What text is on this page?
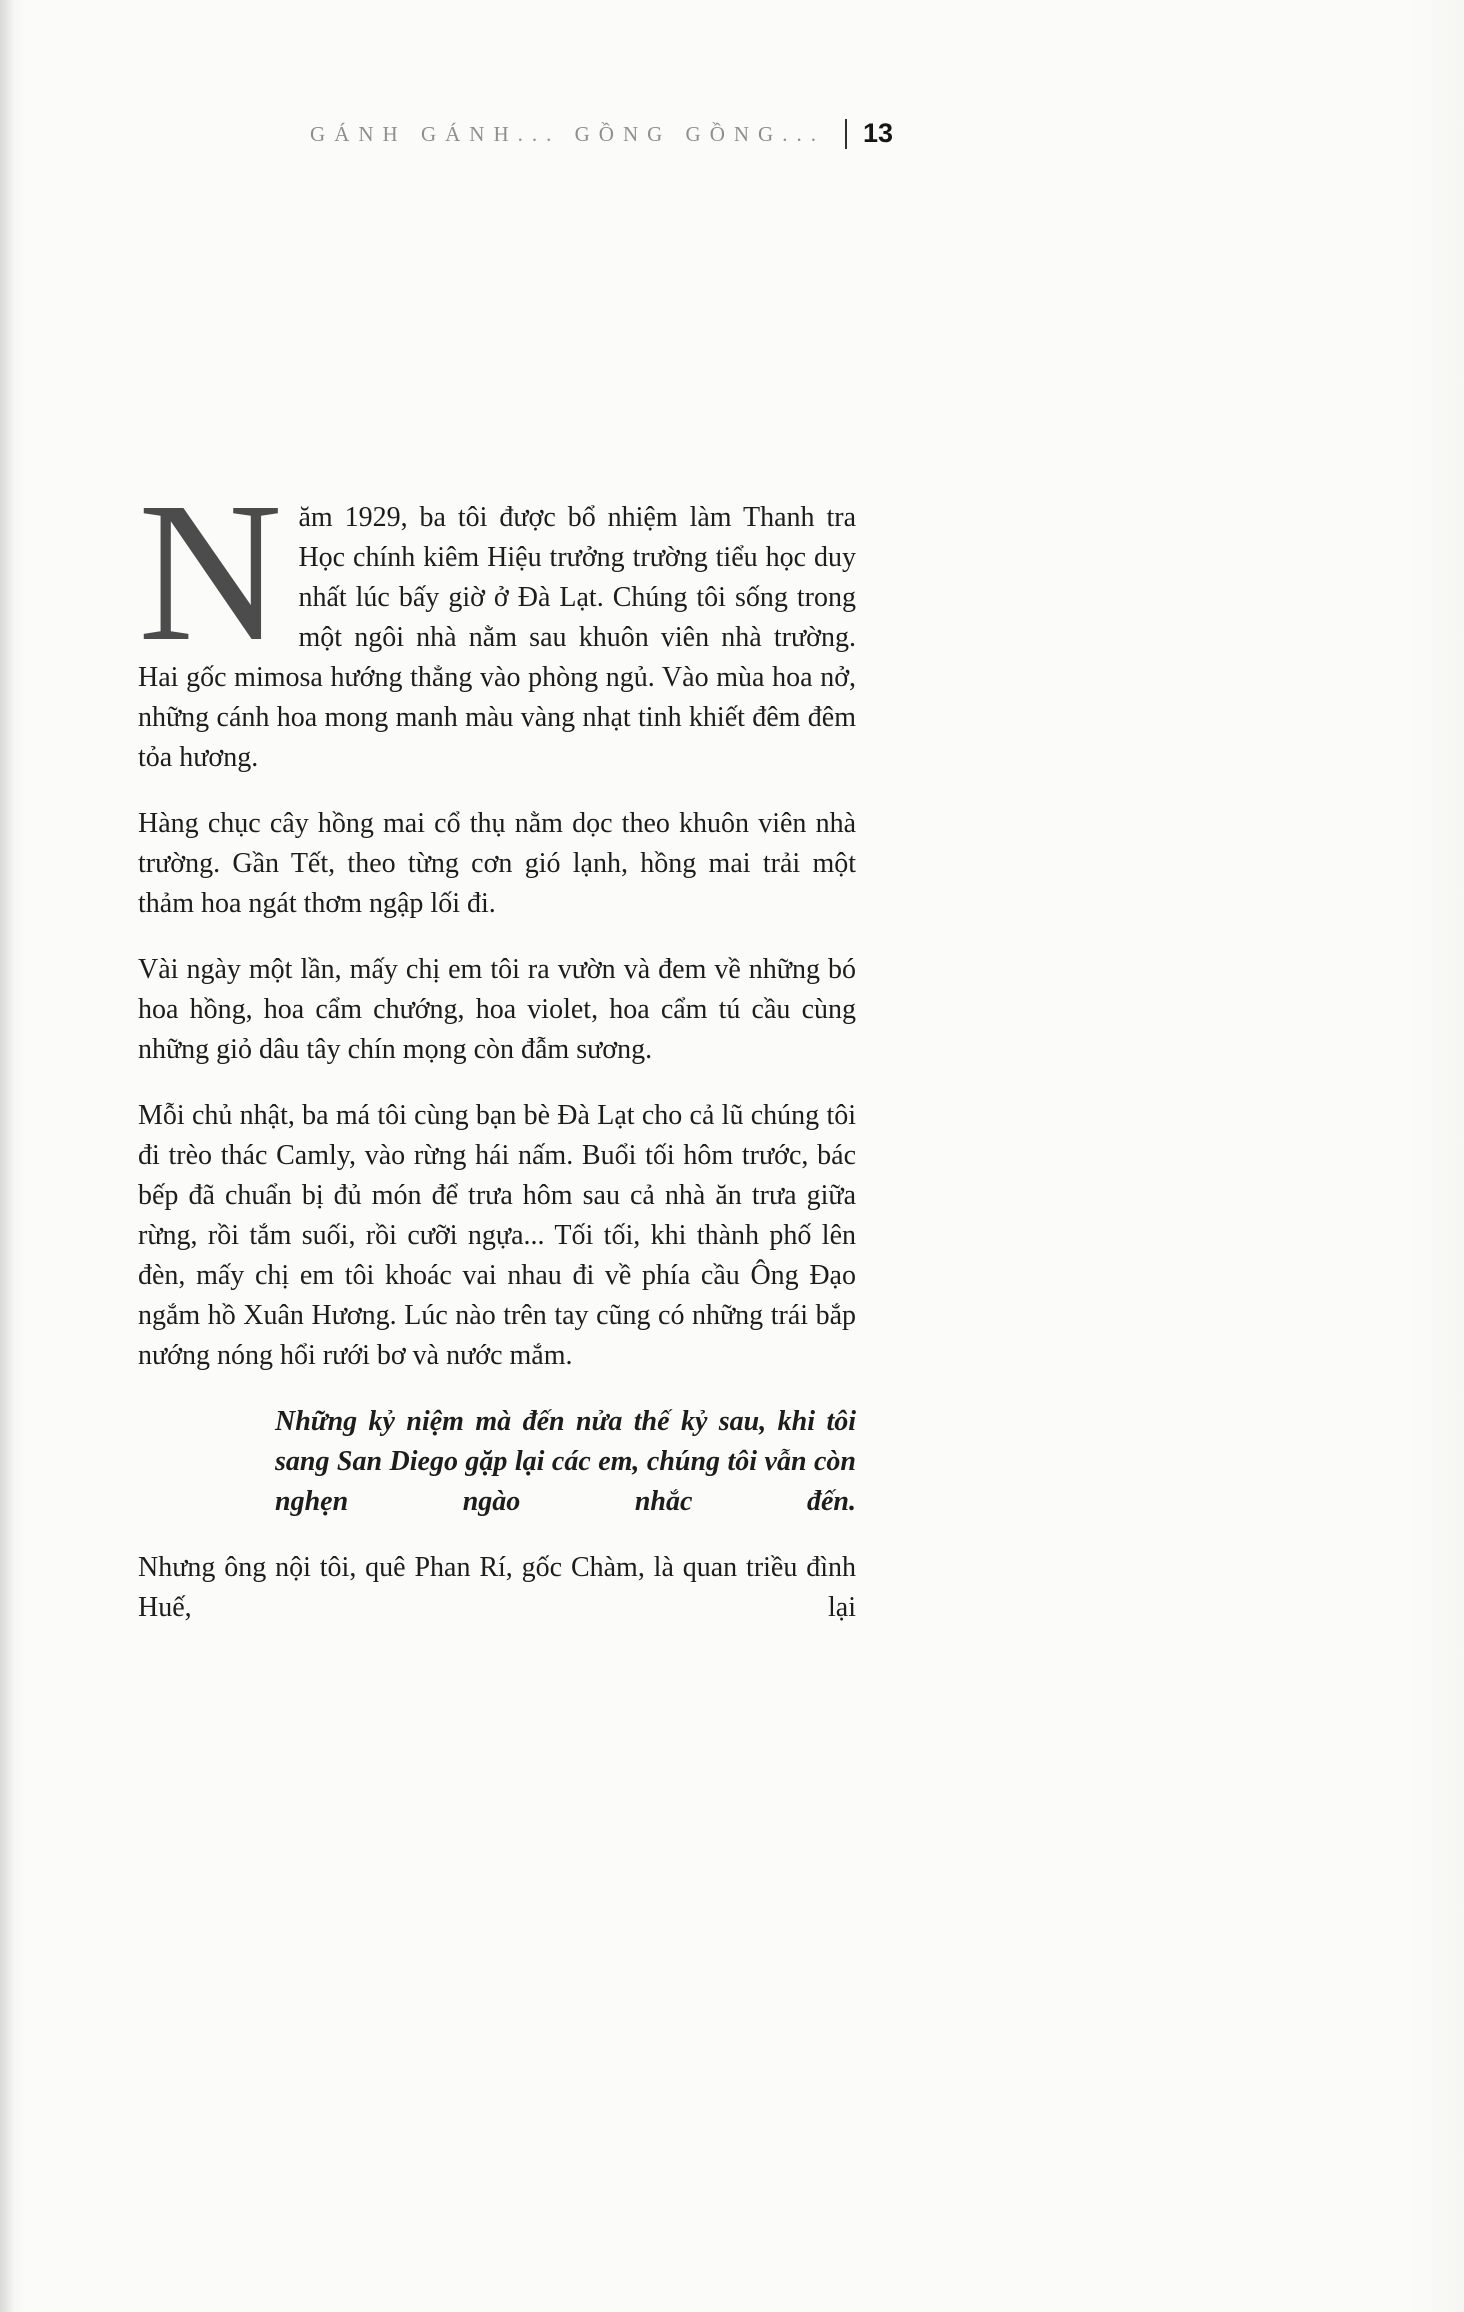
GÁNH GÁNH... GỒNG GỒNG...	13

Năm 1929, ba tôi được bổ nhiệm làm Thanh tra Học chính kiêm Hiệu trưởng trường tiểu học duy nhất lúc bấy giờ ở Đà Lạt. Chúng tôi sống trong một ngôi nhà nằm sau khuôn viên nhà trường. Hai gốc mimosa hướng thẳng vào phòng ngủ. Vào mùa hoa nở, những cánh hoa mong manh màu vàng nhạt tinh khiết đêm đêm tỏa hương.

Hàng chục cây hồng mai cổ thụ nằm dọc theo khuôn viên nhà trường. Gần Tết, theo từng cơn gió lạnh, hồng mai trải một thảm hoa ngát thơm ngập lối đi.

Vài ngày một lần, mấy chị em tôi ra vườn và đem về những bó hoa hồng, hoa cẩm chướng, hoa violet, hoa cẩm tú cầu cùng những giỏ dâu tây chín mọng còn đẫm sương.

Mỗi chủ nhật, ba má tôi cùng bạn bè Đà Lạt cho cả lũ chúng tôi đi trèo thác Camly, vào rừng hái nấm. Buổi tối hôm trước, bác bếp đã chuẩn bị đủ món để trưa hôm sau cả nhà ăn trưa giữa rừng, rồi tắm suối, rồi cưỡi ngựa... Tối tối, khi thành phố lên đèn, mấy chị em tôi khoác vai nhau đi về phía cầu Ông Đạo ngắm hồ Xuân Hương. Lúc nào trên tay cũng có những trái bắp nướng nóng hổi rưới bơ và nước mắm.

Những kỷ niệm mà đến nửa thế kỷ sau, khi tôi sang San Diego gặp lại các em, chúng tôi vẫn còn nghẹn ngào nhắc đến.

Nhưng ông nội tôi, quê Phan Rí, gốc Chàm, là quan triều đình Huế, lại
